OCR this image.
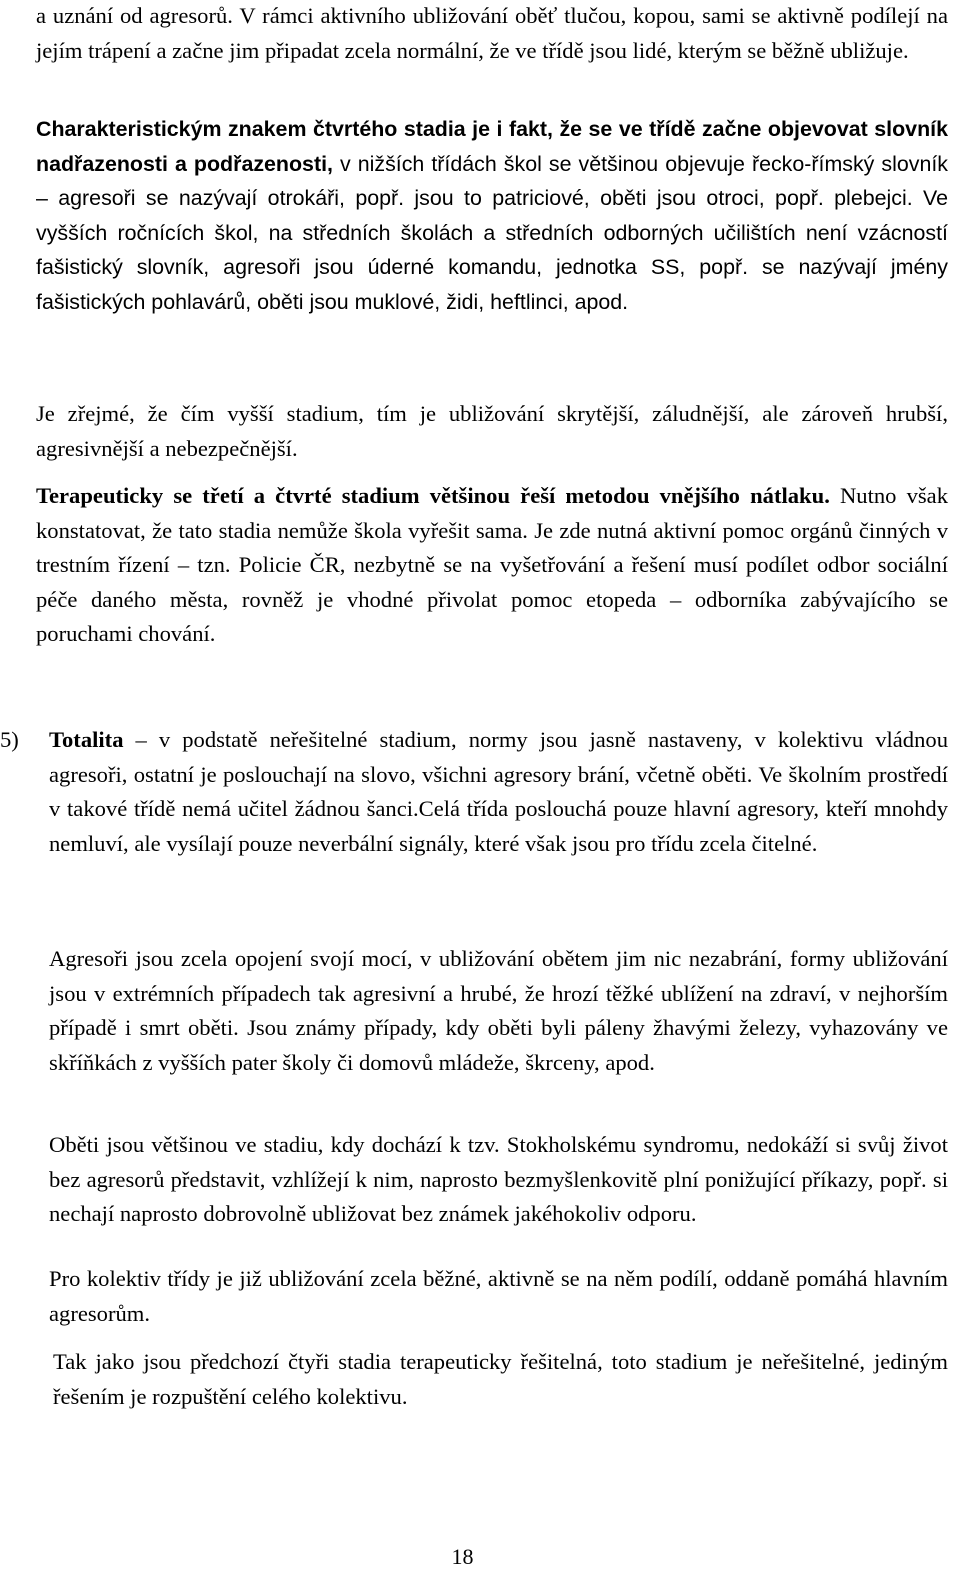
a uznání od agresorů. V rámci aktivního ubližování oběť tlučou, kopou, sami se aktivně podílejí na jejím trápení a začne jim připadat zcela normální, že ve třídě jsou lidé, kterým se běžně ubližuje.

Charakteristickým znakem čtvrtého stadia je i fakt, že se ve třídě začne objevovat slovník nadřazenosti a podřazenosti, v nižších třídách škol se většinou objevuje řecko-římský slovník – agresoři se nazývají otrokáři, popř. jsou to patriciové, oběti jsou otroci, popř. plebejci. Ve vyšších ročnících škol, na středních školách a středních odborných učilištích není vzácností fašistický slovník, agresoři jsou úderné komandu, jednotka SS, popř. se nazývají jmény fašistických pohlavárů, oběti jsou muklové, židi, heftlinci, apod.

Je zřejmé, že čím vyšší stadium, tím je ubližování skrytější, záludnější, ale zároveň hrubší, agresivnější a nebezpečnější.

Terapeuticky se třetí a čtvrté stadium většinou řeší metodou vnějšího nátlaku. Nutno však konstatovat, že tato stadia nemůže škola vyřešit sama. Je zde nutná aktivní pomoc orgánů činných v trestním řízení – tzn. Policie ČR, nezbytně se na vyšetřování a řešení musí podílet odbor sociální péče daného města, rovněž je vhodné přivolat pomoc etopeda – odborníka zabývajícího se poruchami chování.

5) Totalita – v podstatě neřešitelné stadium, normy jsou jasně nastaveny, v kolektivu vládnou agresoři, ostatní je poslouchají na slovo, všichni agresory brání, včetně oběti. Ve školním prostředí v takové třídě nemá učitel žádnou šanci.Celá třída poslouchá pouze hlavní agresory, kteří mnohdy nemluví, ale vysílají pouze neverbální signály, které však jsou pro třídu zcela čitelné.

Agresoři jsou zcela opojení svojí mocí, v ubližování obětem jim nic nezabrání, formy ubližování jsou v extrémních případech tak agresivní a hrubé, že hrozí těžké ublížení na zdraví, v nejhorším případě i smrt oběti. Jsou známy případy, kdy oběti byli páleny žhavými železy, vyhazovány ve skříňkách z vyšších pater školy či domovů mládeže, škrceny, apod.

Oběti jsou většinou ve stadiu, kdy dochází k tzv. Stokholskému syndromu, nedokáží si svůj život bez agresorů představit, vzhlížejí k nim, naprosto bezmyšlenkovitě plní ponižující příkazy, popř. si nechají naprosto dobrovolně ubližovat bez známek jakéhokoliv odporu.

Pro kolektiv třídy je již ubližování zcela běžné, aktivně se na něm podílí, oddaně pomáhá hlavním agresorům.

Tak jako jsou předchozí čtyři stadia terapeuticky řešitelná, toto stadium je neřešitelné, jediným řešením je rozpuštění celého kolektivu.

18
